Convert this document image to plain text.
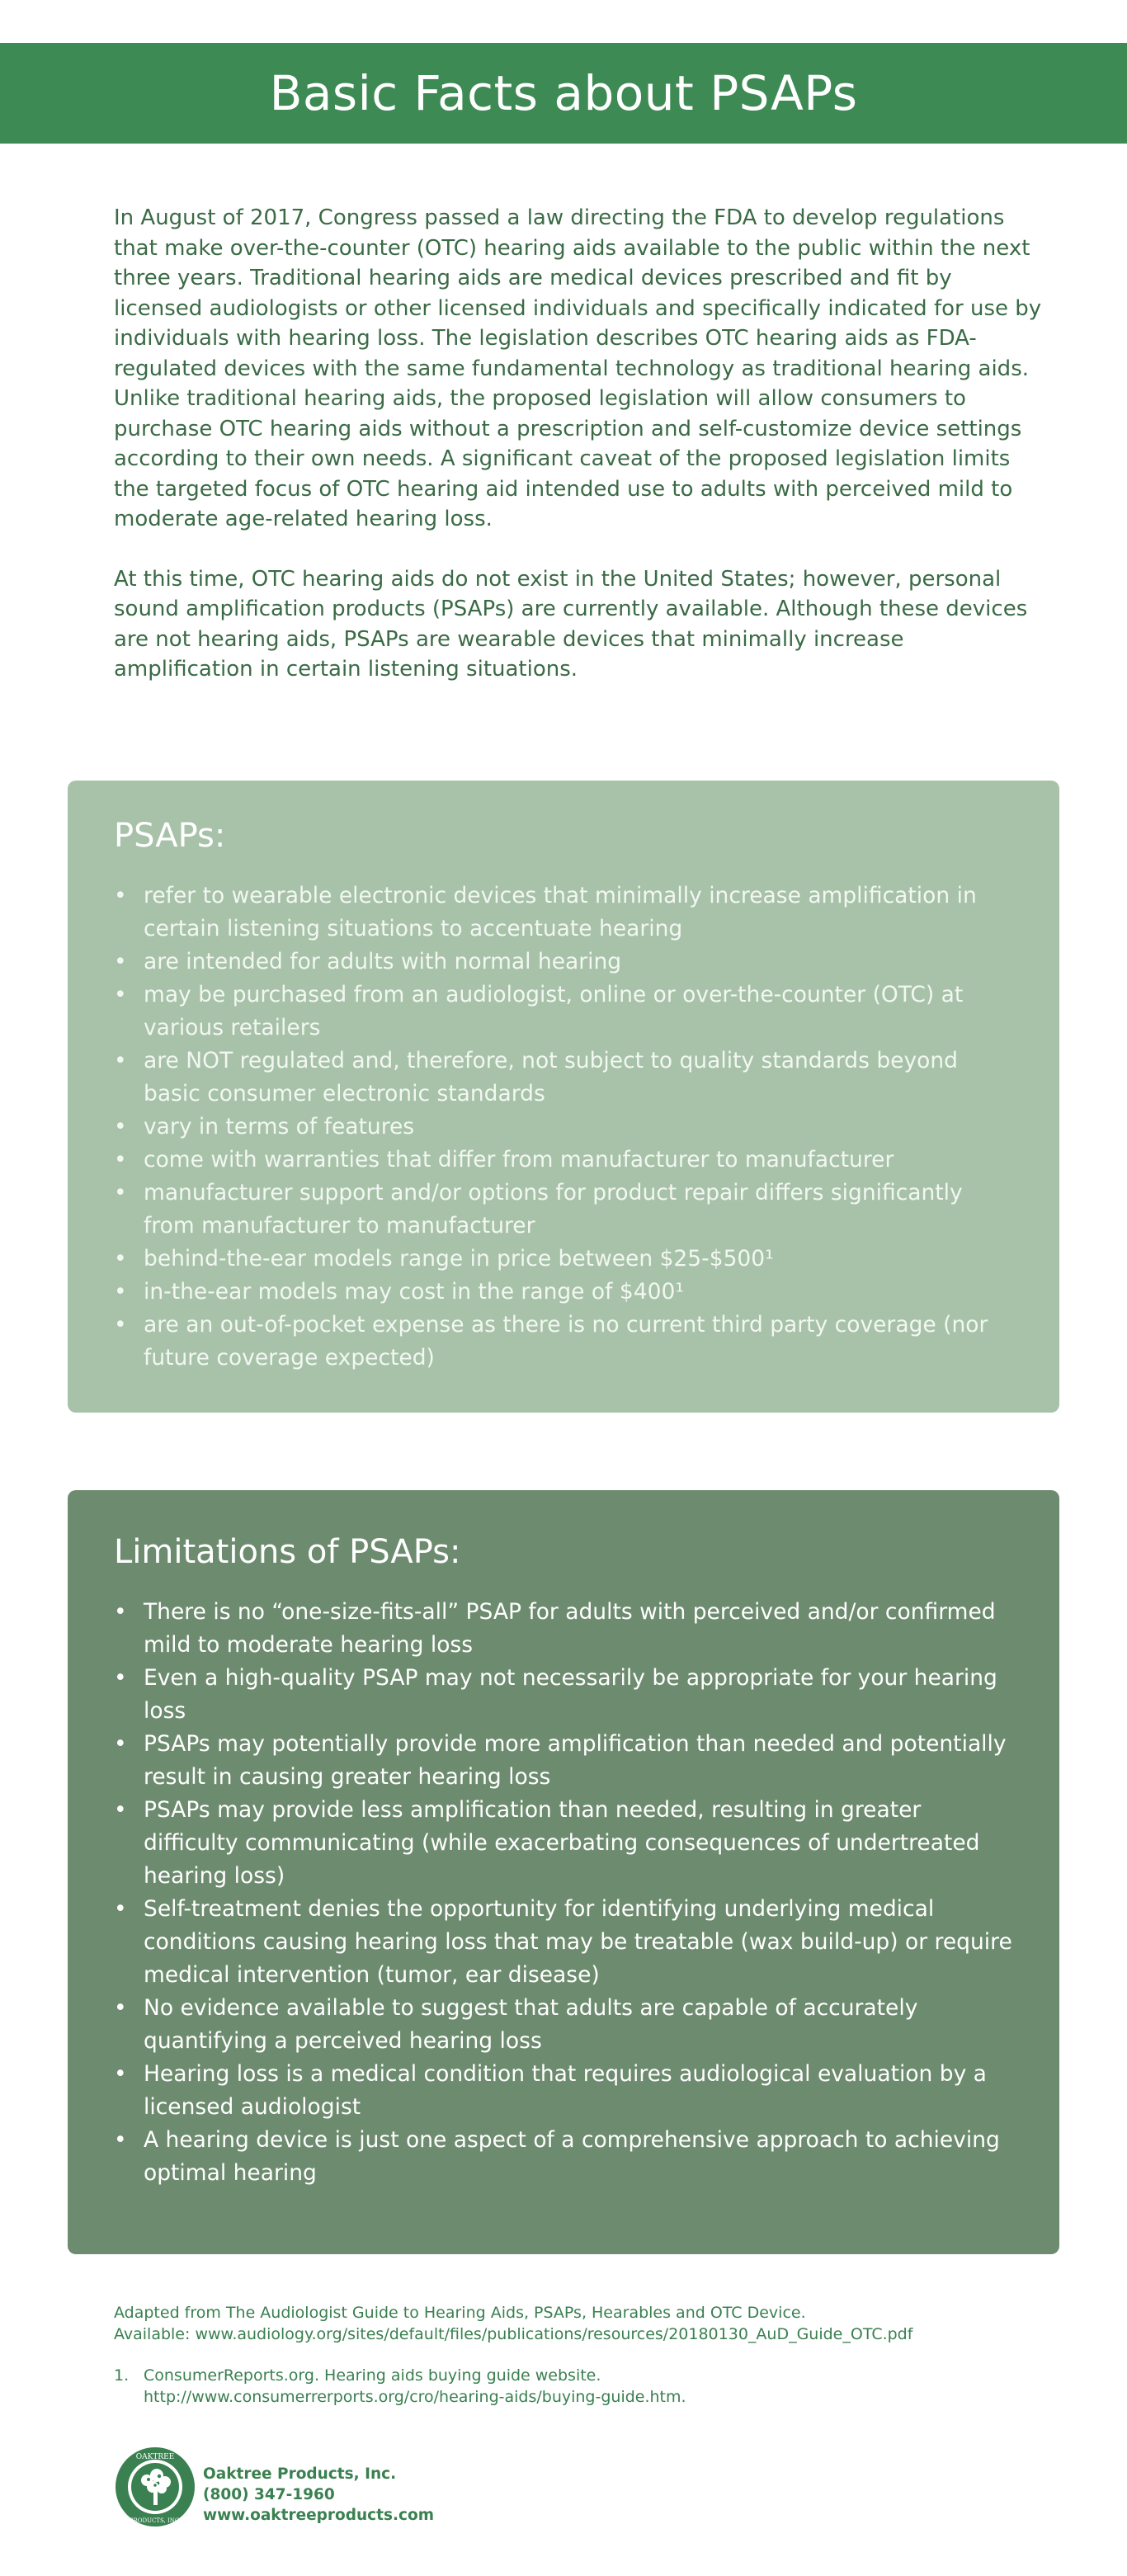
Basic Facts about PSAPs

In August of 2017, Congress passed a law directing the FDA to develop regulations that make over-the-counter (OTC) hearing aids available to the public within the next three years. Traditional hearing aids are medical devices prescribed and fit by licensed audiologists or other licensed individuals and specifically indicated for use by individuals with hearing loss. The legislation describes OTC hearing aids as FDA-regulated devices with the same fundamental technology as traditional hearing aids. Unlike traditional hearing aids, the proposed legislation will allow consumers to purchase OTC hearing aids without a prescription and self-customize device settings according to their own needs. A significant caveat of the proposed legislation limits the targeted focus of OTC hearing aid intended use to adults with perceived mild to moderate age-related hearing loss.

At this time, OTC hearing aids do not exist in the United States; however, personal sound amplification products (PSAPs) are currently available. Although these devices are not hearing aids, PSAPs are wearable devices that minimally increase amplification in certain listening situations.

PSAPs:
• refer to wearable electronic devices that minimally increase amplification in certain listening situations to accentuate hearing
• are intended for adults with normal hearing
• may be purchased from an audiologist, online or over-the-counter (OTC) at various retailers
• are NOT regulated and, therefore, not subject to quality standards beyond basic consumer electronic standards
• vary in terms of features
• come with warranties that differ from manufacturer to manufacturer
• manufacturer support and/or options for product repair differs significantly from manufacturer to manufacturer
• behind-the-ear models range in price between $25-$500¹
• in-the-ear models may cost in the range of $400¹
• are an out-of-pocket expense as there is no current third party coverage (nor future coverage expected)
Limitations of PSAPs:
• There is no “one-size-fits-all” PSAP for adults with perceived and/or confirmed mild to moderate hearing loss
• Even a high-quality PSAP may not necessarily be appropriate for your hearing loss
• PSAPs may potentially provide more amplification than needed and potentially result in causing greater hearing loss
• PSAPs may provide less amplification than needed, resulting in greater difficulty communicating (while exacerbating consequences of undertreated hearing loss)
• Self-treatment denies the opportunity for identifying underlying medical conditions causing hearing loss that may be treatable (wax build-up) or require medical intervention (tumor, ear disease)
• No evidence available to suggest that adults are capable of accurately quantifying a perceived hearing loss
• Hearing loss is a medical condition that requires audiological evaluation by a licensed audiologist
• A hearing device is just one aspect of a comprehensive approach to achieving optimal hearing
Adapted from The Audiologist Guide to Hearing Aids, PSAPs, Hearables and OTC Device.
Available: www.audiology.org/sites/default/files/publications/resources/20180130_AuD_Guide_OTC.pdf
1. ConsumerReports.org. Hearing aids buying guide website.
http://www.consumerrerports.org/cro/hearing-aids/buying-guide.htm.
OAKTREE
PRODUCTS, INC.
Oaktree Products, Inc.
(800) 347-1960
www.oaktreeproducts.com
